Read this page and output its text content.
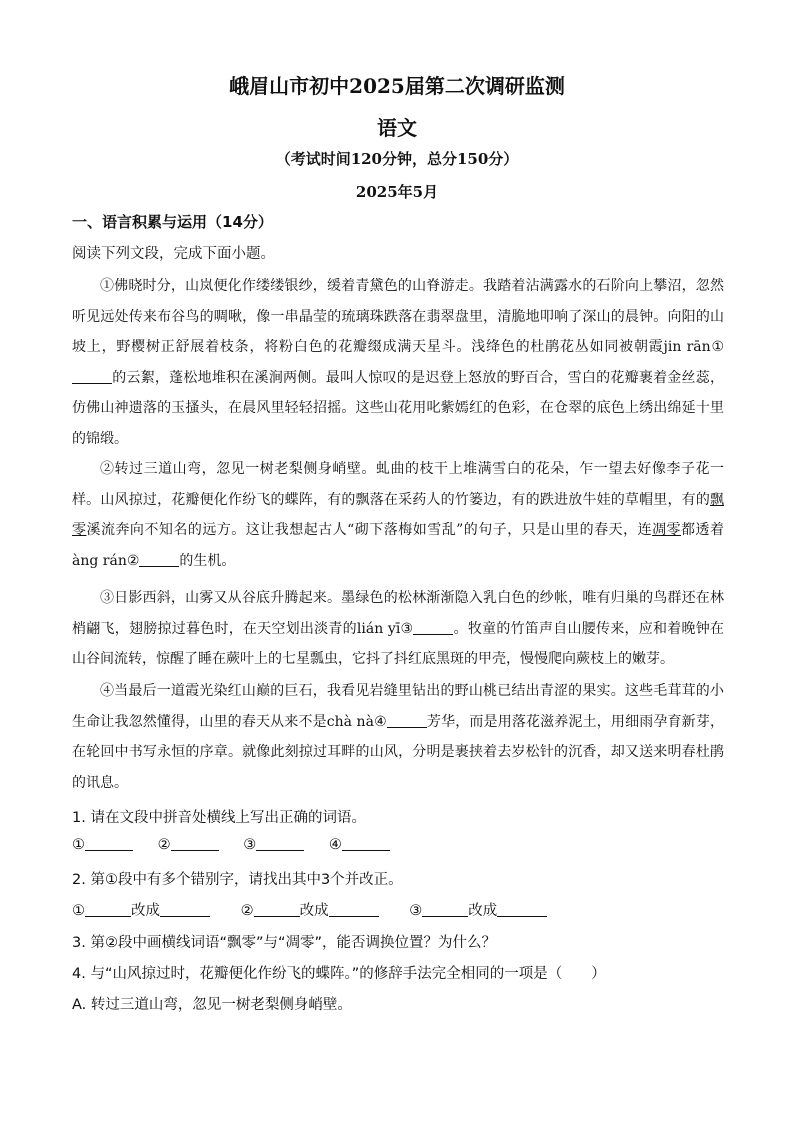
峨眉山市初中2025届第二次调研监测
语文
（考试时间120分钟，总分150分）
2025年5月
一、语言积累与运用（14分）
阅读下列文段，完成下面小题。
①佛晓时分，山岚便化作缕缕银纱，缓着青黛色的山脊游走。我踏着沾满露水的石阶向上攀沼，忽然听见远处传来布谷鸟的啁啾，像一串晶莹的琉璃珠跌落在翡翠盘里，清脆地叩响了深山的晨钟。向阳的山坡上，野樱树正舒展着枝条，将粉白色的花瓣缀成满天星斗。浅绛色的杜鹃花丛如同被朝霞jin rān①的云絮，蓬松地堆积在溪涧两侧。最叫人惊叹的是迟登上怒放的野百合，雪白的花瓣裹着金丝蕊，仿佛山神遗落的玉搔头，在晨风里轻轻招摇。这些山花用叱紫嫣红的色彩，在仓翠的底色上绣出绵延十里的锦缎。
②转过三道山弯，忽见一树老梨侧身峭壁。虬曲的枝干上堆满雪白的花朵，乍一望去好像李子花一样。山风掠过，花瓣便化作纷飞的蝶阵，有的飘落在采药人的竹篓边，有的跌进放牛娃的草帽里，有的飘零溪流奔向不知名的远方。这让我想起古人“砌下落梅如雪乱”的句子，只是山里的春天，连凋零都透着àng rán②	的生机。
③日影西斜，山雾又从谷底升腾起来。墨绿色的松林渐渐隐入乳白色的纱帐，唯有归巢的鸟群还在林梢翩飞，翅膀掠过暮色时，在天空划出淡青的lián yī③	。牧童的竹笛声自山腰传来，应和着晚钟在山谷间流转，惊醒了睡在蕨叶上的七星瓢虫，它抖了抖红底黑斑的甲壳，慢慢爬向蕨枝上的嫩芽。
④当最后一道霞光染红山巅的巨石，我看见岩缝里钻出的野山桃已结出青涩的果实。这些毛茸茸的小生命让我忽然懂得，山里的春天从来不是chà nà④	芳华，而是用落花滋养泥土，用细雨孕育新芽，在轮回中书写永恒的序章。就像此刻掠过耳畔的山风，分明是裹挟着去岁松针的沉香，却又送来明春杜鹃的讯息。
1. 请在文段中拼音处横线上写出正确的词语。
①	②	③	④
2. 第①段中有多个错别字，请找出其中3个并改正。
①	改成	②	改成	③	改成
3. 第②段中画横线词语“飘零”与“凋零”，能否调换位置？为什么？
4. 与“山风掠过时，花瓣便化作纷飞的蝶阵。”的修辞手法完全相同的一项是（　　）
A. 转过三道山弯，忽见一树老梨侧身峭壁。
